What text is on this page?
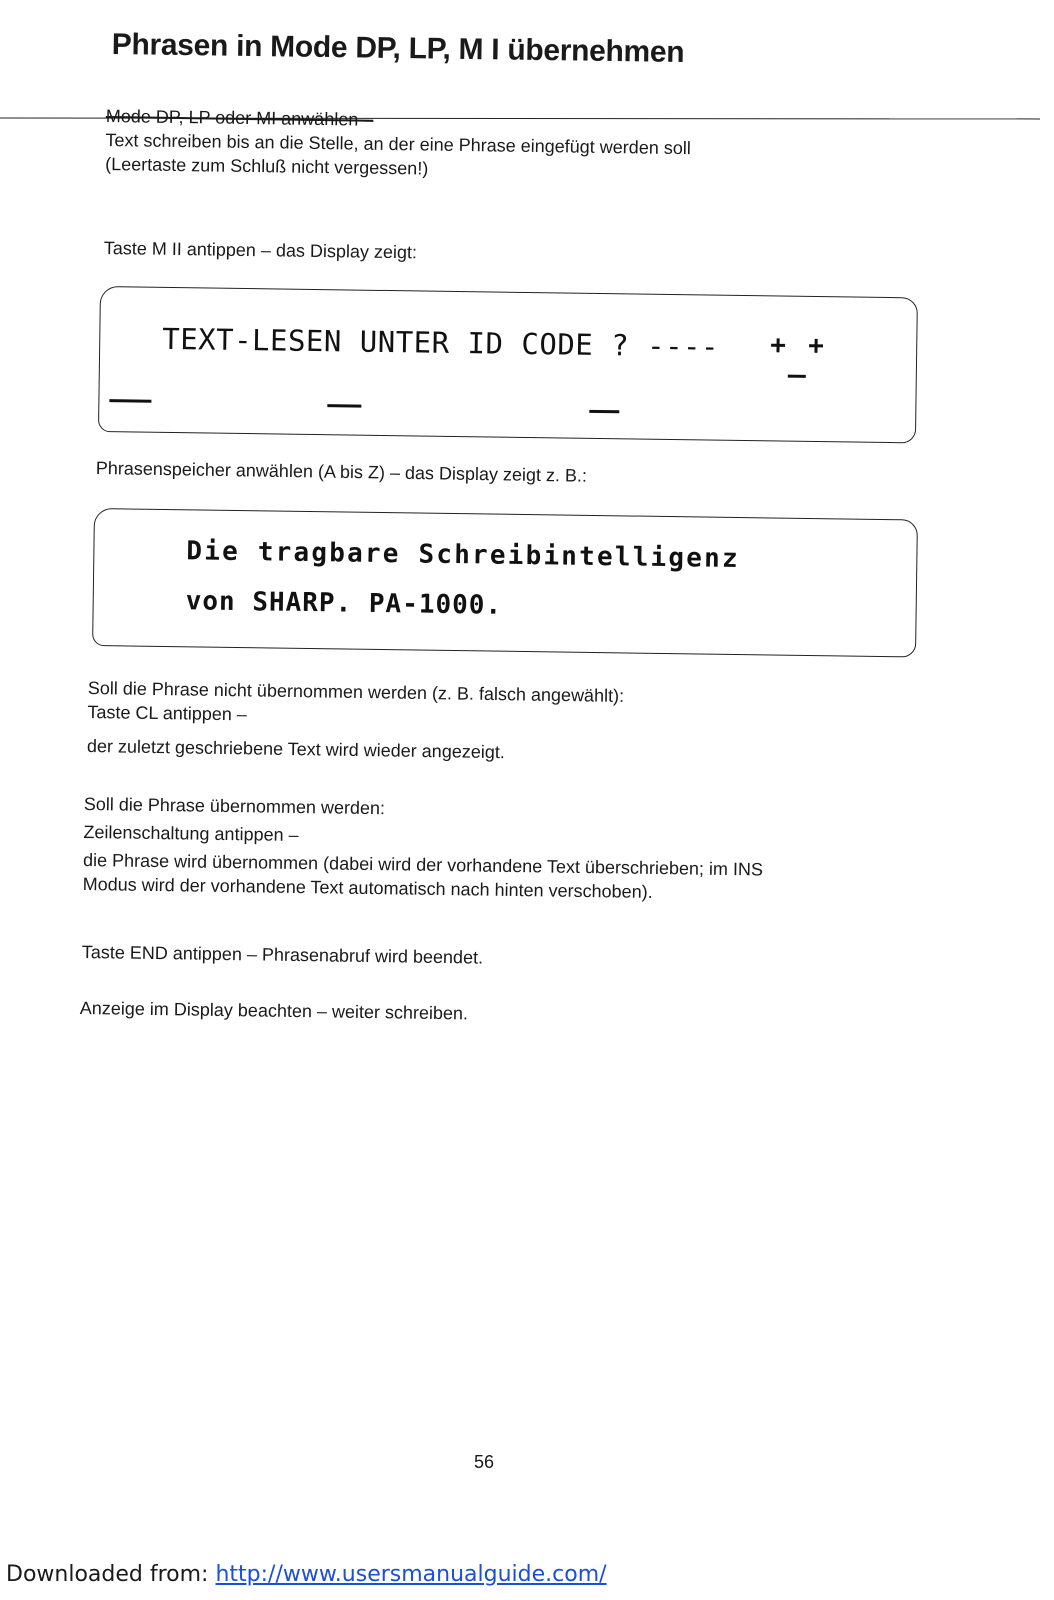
Phrasen in Mode DP, LP, M I übernehmen
Mode DP, LP oder MI anwählen –
Text schreiben bis an die Stelle, an der eine Phrase eingefügt werden soll
(Leertaste zum Schluß nicht vergessen!)
Taste M II antippen – das Display zeigt:
TEXT-LESEN UNTER ID CODE ? ---- + +
Phrasenspeicher anwählen (A bis Z) – das Display zeigt z. B.:
Die tragbare Schreibintelligenz
von SHARP. PA-1000.
Soll die Phrase nicht übernommen werden (z. B. falsch angewählt):
Taste CL antippen –
der zuletzt geschriebene Text wird wieder angezeigt.
Soll die Phrase übernommen werden:
Zeilenschaltung antippen –
die Phrase wird übernommen (dabei wird der vorhandene Text überschrieben; im INS
Modus wird der vorhandene Text automatisch nach hinten verschoben).
Taste END antippen – Phrasenabruf wird beendet.
Anzeige im Display beachten – weiter schreiben.
56
Downloaded from: http://www.usersmanualguide.com/
